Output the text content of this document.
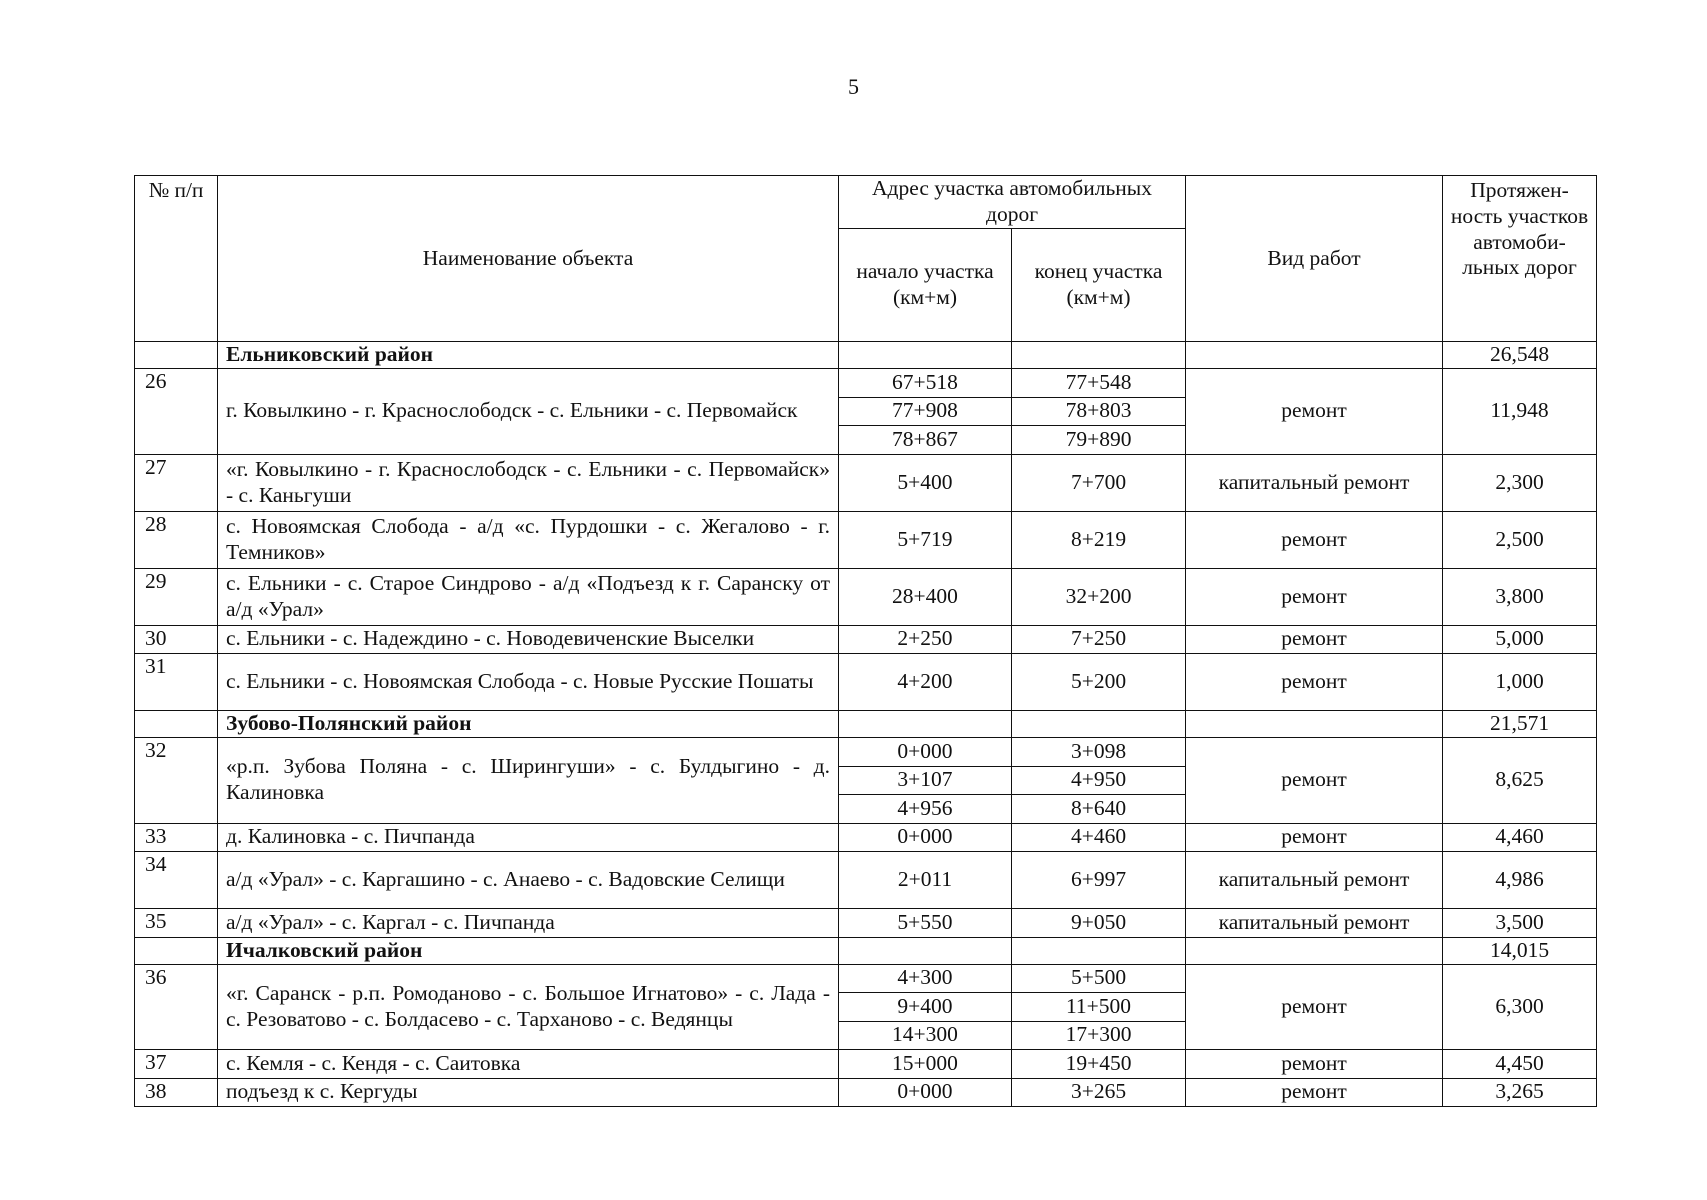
5
№ п/п	Наименование объекта	Адрес участка автомобильных дорог		Вид работ	Протяжен-ность участков автомоби-льных дорог
		начало участка (км+м)	конец участка (км+м)		
	Ельниковский район				26,548
26	г. Ковылкино - г. Краснослободск - с. Ельники - с. Первомайск	67+518	77+548	ремонт	11,948
		77+908	78+803		
		78+867	79+890		
27	«г. Ковылкино - г. Краснослободск - с. Ельники - с. Первомайск» - с. Каньгуши	5+400	7+700	капитальный ремонт	2,300
28	с. Новоямская Слобода - а/д «с. Пурдошки - с. Жегалово - г. Темников»	5+719	8+219	ремонт	2,500
29	с. Ельники - с. Старое Синдрово - а/д «Подъезд к г. Саранску от а/д «Урал»	28+400	32+200	ремонт	3,800
30	с. Ельники - с. Надеждино - с. Новодевиченские Выселки	2+250	7+250	ремонт	5,000
31	с. Ельники - с. Новоямская Слобода - с. Новые Русские Пошаты	4+200	5+200	ремонт	1,000
	Зубово-Полянский район				21,571
32	«р.п. Зубова Поляна - с. Ширингуши» - с. Булдыгино - д. Калиновка	0+000	3+098	ремонт	8,625
		3+107	4+950		
		4+956	8+640		
33	д. Калиновка - с. Пичпанда	0+000	4+460	ремонт	4,460
34	а/д «Урал» - с. Каргашино - с. Анаево - с. Вадовские Селищи	2+011	6+997	капитальный ремонт	4,986
35	а/д «Урал» - с. Каргал - с. Пичпанда	5+550	9+050	капитальный ремонт	3,500
	Ичалковский район				14,015
36	«г. Саранск - р.п. Ромоданово - с. Большое Игнатово» - с. Лада - с. Резоватово - с. Болдасево - с. Тарханово - с. Ведянцы	4+300	5+500	ремонт	6,300
		9+400	11+500		
		14+300	17+300		
37	с. Кемля - с. Кендя - с. Саитовка	15+000	19+450	ремонт	4,450
38	подъезд к с. Кергуды	0+000	3+265	ремонт	3,265
